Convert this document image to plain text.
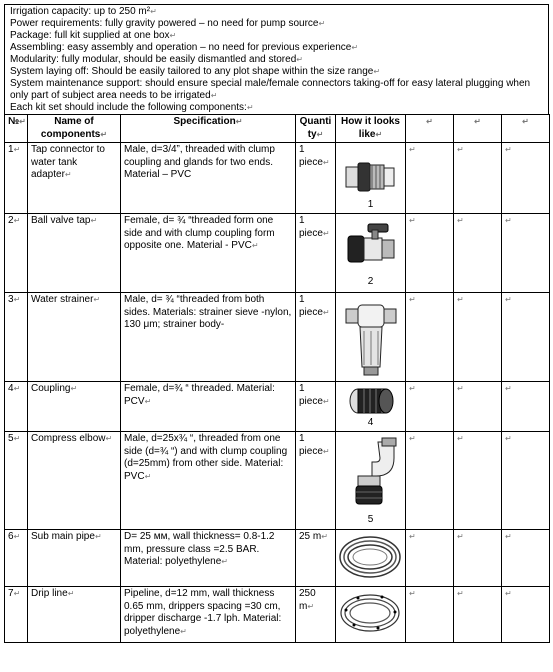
Irrigation capacity: up to 250 m²↵

Power requirements: fully gravity powered – no need for pump source↵

Package: full kit supplied at one box↵

Assembling: easy assembly and operation – no need for previous experience↵

Modularity: fully modular, should be easily dismantled and stored↵

System laying off: Should be easily tailored to any plot shape within the size range↵

System maintenance support: should ensure special male/female connectors taking-off for easy lateral plugging when only part of subject area needs to be irrigated↵

Each kit set should include the following components:↵

№↵	Name of components↵	Specification↵	Quanti ty↵	How it looks like↵	↵	↵	↵
1↵	Tap connector to water tank adapter↵	Male, d=3/4”, threaded with clump coupling and glands for two ends. Material – PVC	1 piece↵	1	↵	↵	↵
2↵	Ball valve tap↵	Female, d= ¾ “threaded form one side and with clump coupling form opposite one. Material - PVC↵	1 piece↵	2	↵	↵	↵
3↵	Water strainer↵	Male, d= ¾ “threaded from both sides. Materials: strainer sieve -nylon, 130 μm; strainer body-	1 piece↵		↵	↵	↵
4↵	Coupling↵	Female, d=¾ “ threaded. Material: PCV↵	1 piece↵	4	↵	↵	↵
5↵	Compress elbow↵	Male, d=25x¾ “, threaded from one side (d=¾ “) and with clump coupling (d=25mm) from other side. Material: PVC↵	1 piece↵	5	↵	↵	↵
6↵	Sub main pipe↵	D= 25 мм, wall thickness= 0.8-1.2 mm, pressure class =2.5 BAR. Material: polyethylene↵	25 m↵		↵	↵	↵
7↵	Drip line↵	Pipeline, d=12 mm, wall thickness 0.65 mm, drippers spacing =30 cm, dripper discharge -1.7 lph. Material: polyethylene↵	250 m↵		↵	↵	↵
